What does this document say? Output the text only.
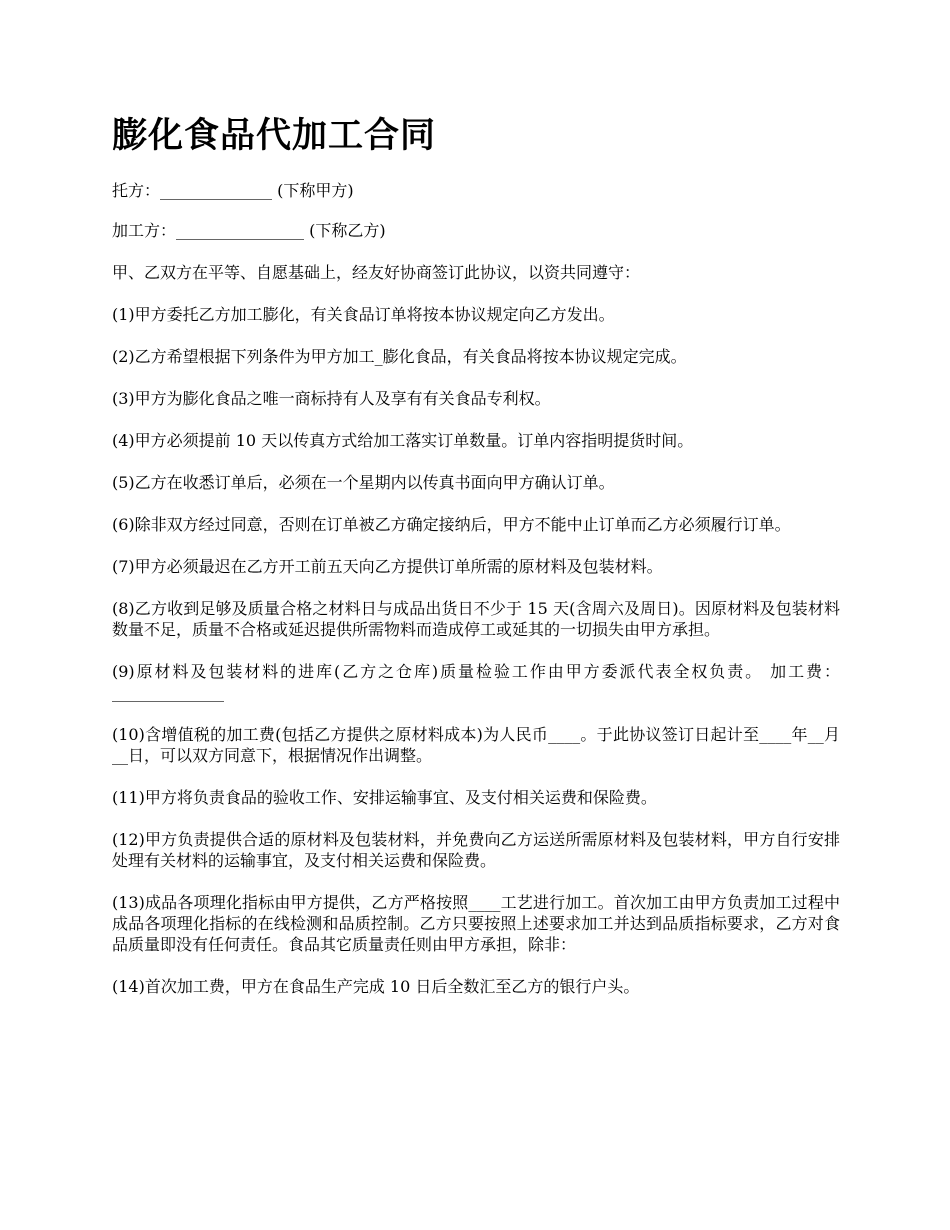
膨化食品代加工合同

托方：______________ (下称甲方)

加工方：________________ (下称乙方)

甲、乙双方在平等、自愿基础上，经友好协商签订此协议，以资共同遵守：

(1)甲方委托乙方加工膨化，有关食品订单将按本协议规定向乙方发出。

(2)乙方希望根据下列条件为甲方加工_膨化食品，有关食品将按本协议规定完成。

(3)甲方为膨化食品之唯一商标持有人及享有有关食品专利权。

(4)甲方必须提前 10 天以传真方式给加工落实订单数量。订单内容指明提货时间。

(5)乙方在收悉订单后，必须在一个星期内以传真书面向甲方确认订单。

(6)除非双方经过同意，否则在订单被乙方确定接纳后，甲方不能中止订单而乙方必须履行订单。

(7)甲方必须最迟在乙方开工前五天向乙方提供订单所需的原材料及包装材料。

(8)乙方收到足够及质量合格之材料日与成品出货日不少于 15 天(含周六及周日)。因原材料及包装材料数量不足，质量不合格或延迟提供所需物料而造成停工或延其的一切损失由甲方承担。

(9)原材料及包装材料的进库(乙方之仓库)质量检验工作由甲方委派代表全权负责。 加工费：______________

(10)含增值税的加工费(包括乙方提供之原材料成本)为人民币____。于此协议签订日起计至____年__月__日，可以双方同意下，根据情况作出调整。

(11)甲方将负责食品的验收工作、安排运输事宜、及支付相关运费和保险费。

(12)甲方负责提供合适的原材料及包装材料，并免费向乙方运送所需原材料及包装材料，甲方自行安排处理有关材料的运输事宜，及支付相关运费和保险费。

(13)成品各项理化指标由甲方提供，乙方严格按照____工艺进行加工。首次加工由甲方负责加工过程中成品各项理化指标的在线检测和品质控制。乙方只要按照上述要求加工并达到品质指标要求，乙方对食品质量即没有任何责任。食品其它质量责任则由甲方承担，除非：

(14)首次加工费，甲方在食品生产完成 10 日后全数汇至乙方的银行户头。
